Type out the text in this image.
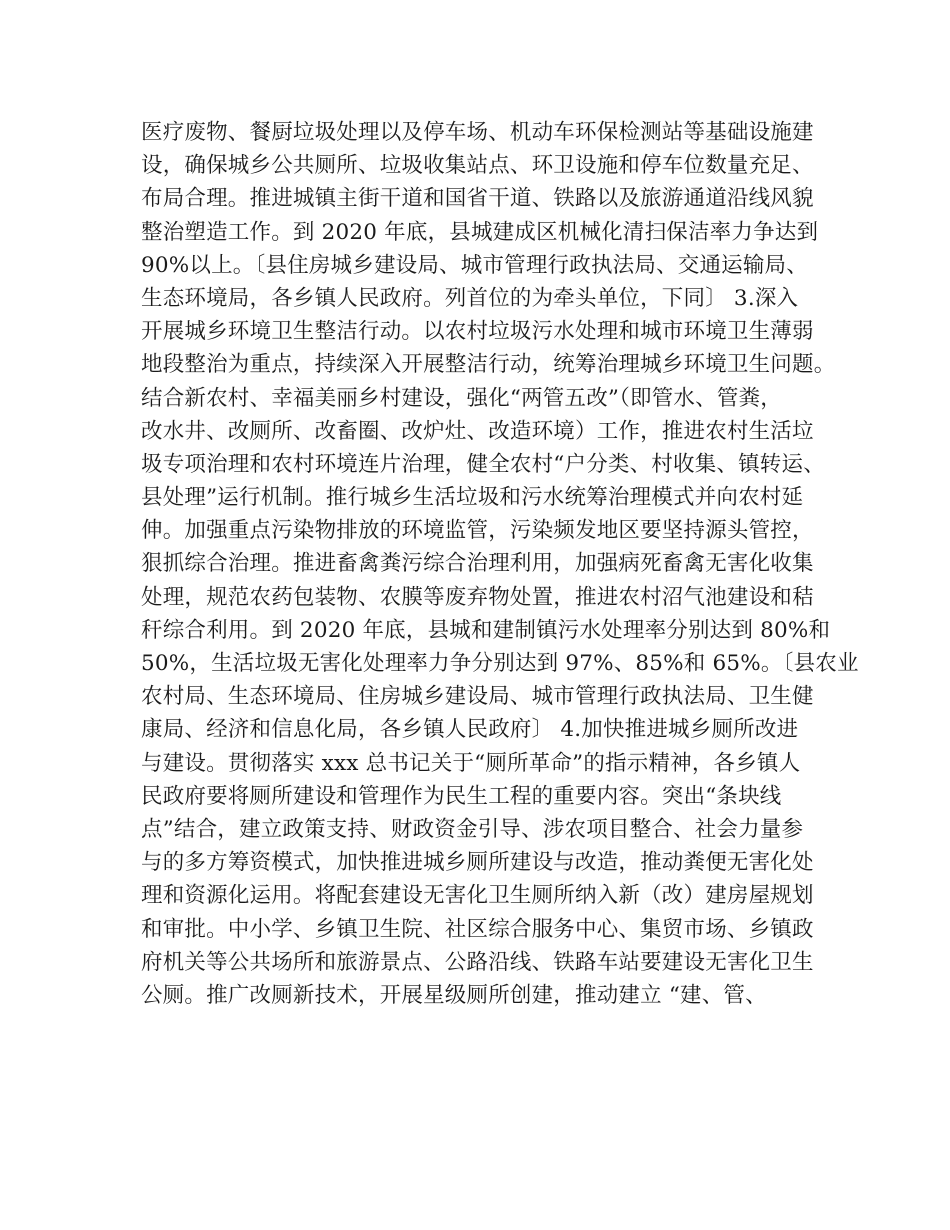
医疗废物、餐厨垃圾处理以及停车场、机动车环保检测站等基础设施建
设，确保城乡公共厕所、垃圾收集站点、环卫设施和停车位数量充足、
布局合理。推进城镇主街干道和国省干道、铁路以及旅游通道沿线风貌
整治塑造工作。到 2020 年底，县城建成区机械化清扫保洁率力争达到
90%以上。〔县住房城乡建设局、城市管理行政执法局、交通运输局、
生态环境局，各乡镇人民政府。列首位的为牵头单位，下同〕 3.深入
开展城乡环境卫生整洁行动。以农村垃圾污水处理和城市环境卫生薄弱
地段整治为重点，持续深入开展整洁行动，统筹治理城乡环境卫生问题。
结合新农村、幸福美丽乡村建设，强化“两管五改”（即管水、管粪，
改水井、改厕所、改畜圈、改炉灶、改造环境）工作，推进农村生活垃
圾专项治理和农村环境连片治理，健全农村“户分类、村收集、镇转运、
县处理”运行机制。推行城乡生活垃圾和污水统筹治理模式并向农村延
伸。加强重点污染物排放的环境监管，污染频发地区要坚持源头管控，
狠抓综合治理。推进畜禽粪污综合治理利用，加强病死畜禽无害化收集
处理，规范农药包装物、农膜等废弃物处置，推进农村沼气池建设和秸
秆综合利用。到 2020 年底，县城和建制镇污水处理率分别达到 80%和
50%，生活垃圾无害化处理率力争分别达到 97%、85%和 65%。〔县农业
农村局、生态环境局、住房城乡建设局、城市管理行政执法局、卫生健
康局、经济和信息化局，各乡镇人民政府〕 4.加快推进城乡厕所改进
与建设。贯彻落实 xxx 总书记关于“厕所革命”的指示精神，各乡镇人
民政府要将厕所建设和管理作为民生工程的重要内容。突出“条块线
点”结合，建立政策支持、财政资金引导、涉农项目整合、社会力量参
与的多方筹资模式，加快推进城乡厕所建设与改造，推动粪便无害化处
理和资源化运用。将配套建设无害化卫生厕所纳入新（改）建房屋规划
和审批。中小学、乡镇卫生院、社区综合服务中心、集贸市场、乡镇政
府机关等公共场所和旅游景点、公路沿线、铁路车站要建设无害化卫生
公厕。推广改厕新技术，开展星级厕所创建，推动建立 “建、管、
